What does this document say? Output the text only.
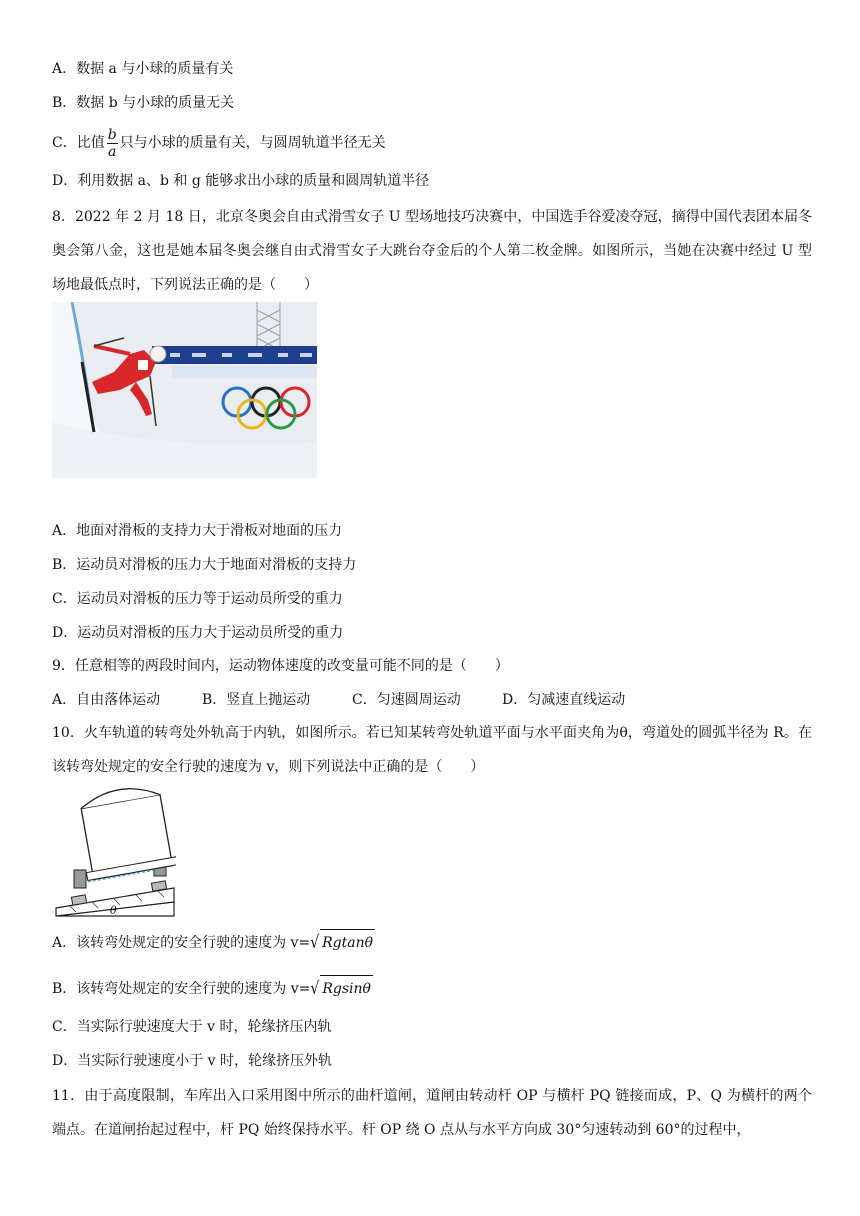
A．数据 a 与小球的质量有关
B．数据 b 与小球的质量无关
C．比值 $\frac{b}{a}$ 只与小球的质量有关，与圆周轨道半径无关
D．利用数据 a、b 和 g 能够求出小球的质量和圆周轨道半径
8．2022 年 2 月 18 日，北京冬奥会自由式滑雪女子 U 型场地技巧决赛中，中国选手谷爱凌夺冠，摘得中国代表团本届冬奥会第八金，这也是她本届冬奥会继自由式滑雪女子大跳台夺金后的个人第二枚金牌。如图所示，当她在决赛中经过 U 型场地最低点时，下列说法正确的是（　　）
A．地面对滑板的支持力大于滑板对地面的压力
B．运动员对滑板的压力大于地面对滑板的支持力
C．运动员对滑板的压力等于运动员所受的重力
D．运动员对滑板的压力大于运动员所受的重力
9．任意相等的两段时间内，运动物体速度的改变量可能不同的是（　　）
A．自由落体运动	B．竖直上抛运动	C．匀速圆周运动	D．匀减速直线运动
10．火车轨道的转弯处外轨高于内轨，如图所示。若已知某转弯处轨道平面与水平面夹角为θ，弯道处的圆弧半径为 R。在该转弯处规定的安全行驶的速度为 v，则下列说法中正确的是（　　）
θ
A．该转弯处规定的安全行驶的速度为 v=√ Rgtanθ
B．该转弯处规定的安全行驶的速度为 v=√ Rgsinθ
C．当实际行驶速度大于 v 时，轮缘挤压内轨
D．当实际行驶速度小于 v 时，轮缘挤压外轨
11．由于高度限制，车库出入口采用图中所示的曲杆道闸，道闸由转动杆 OP 与横杆 PQ 链接而成，P、Q 为横杆的两个端点。在道闸抬起过程中，杆 PQ 始终保持水平。杆 OP 绕 O 点从与水平方向成 30°匀速转动到 60°的过程中，
